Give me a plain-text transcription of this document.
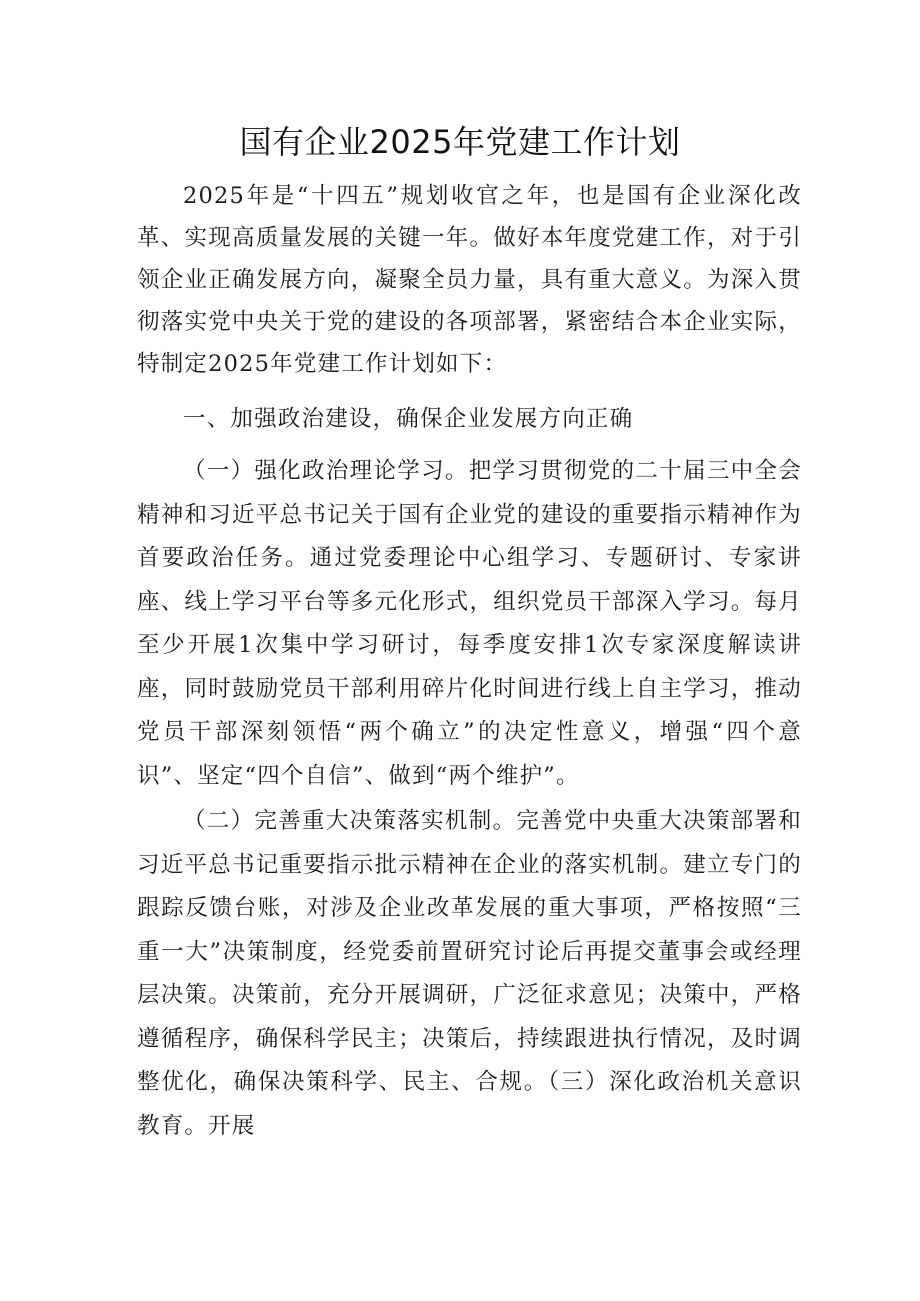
国有企业2025年党建工作计划

2025年是“十四五”规划收官之年，也是国有企业深化改革、实现高质量发展的关键一年。做好本年度党建工作，对于引领企业正确发展方向，凝聚全员力量，具有重大意义。为深入贯彻落实党中央关于党的建设的各项部署，紧密结合本企业实际，特制定2025年党建工作计划如下：

一、加强政治建设，确保企业发展方向正确

（一）强化政治理论学习。把学习贯彻党的二十届三中全会精神和习近平总书记关于国有企业党的建设的重要指示精神作为首要政治任务。通过党委理论中心组学习、专题研讨、专家讲座、线上学习平台等多元化形式，组织党员干部深入学习。每月至少开展1次集中学习研讨，每季度安排1次专家深度解读讲座，同时鼓励党员干部利用碎片化时间进行线上自主学习，推动党员干部深刻领悟“两个确立”的决定性意义，增强“四个意识”、坚定“四个自信”、做到“两个维护”。

（二）完善重大决策落实机制。完善党中央重大决策部署和习近平总书记重要指示批示精神在企业的落实机制。建立专门的跟踪反馈台账，对涉及企业改革发展的重大事项，严格按照“三重一大”决策制度，经党委前置研究讨论后再提交董事会或经理层决策。决策前，充分开展调研，广泛征求意见；决策中，严格遵循程序，确保科学民主；决策后，持续跟进执行情况，及时调整优化，确保决策科学、民主、合规。（三）深化政治机关意识教育。开展
